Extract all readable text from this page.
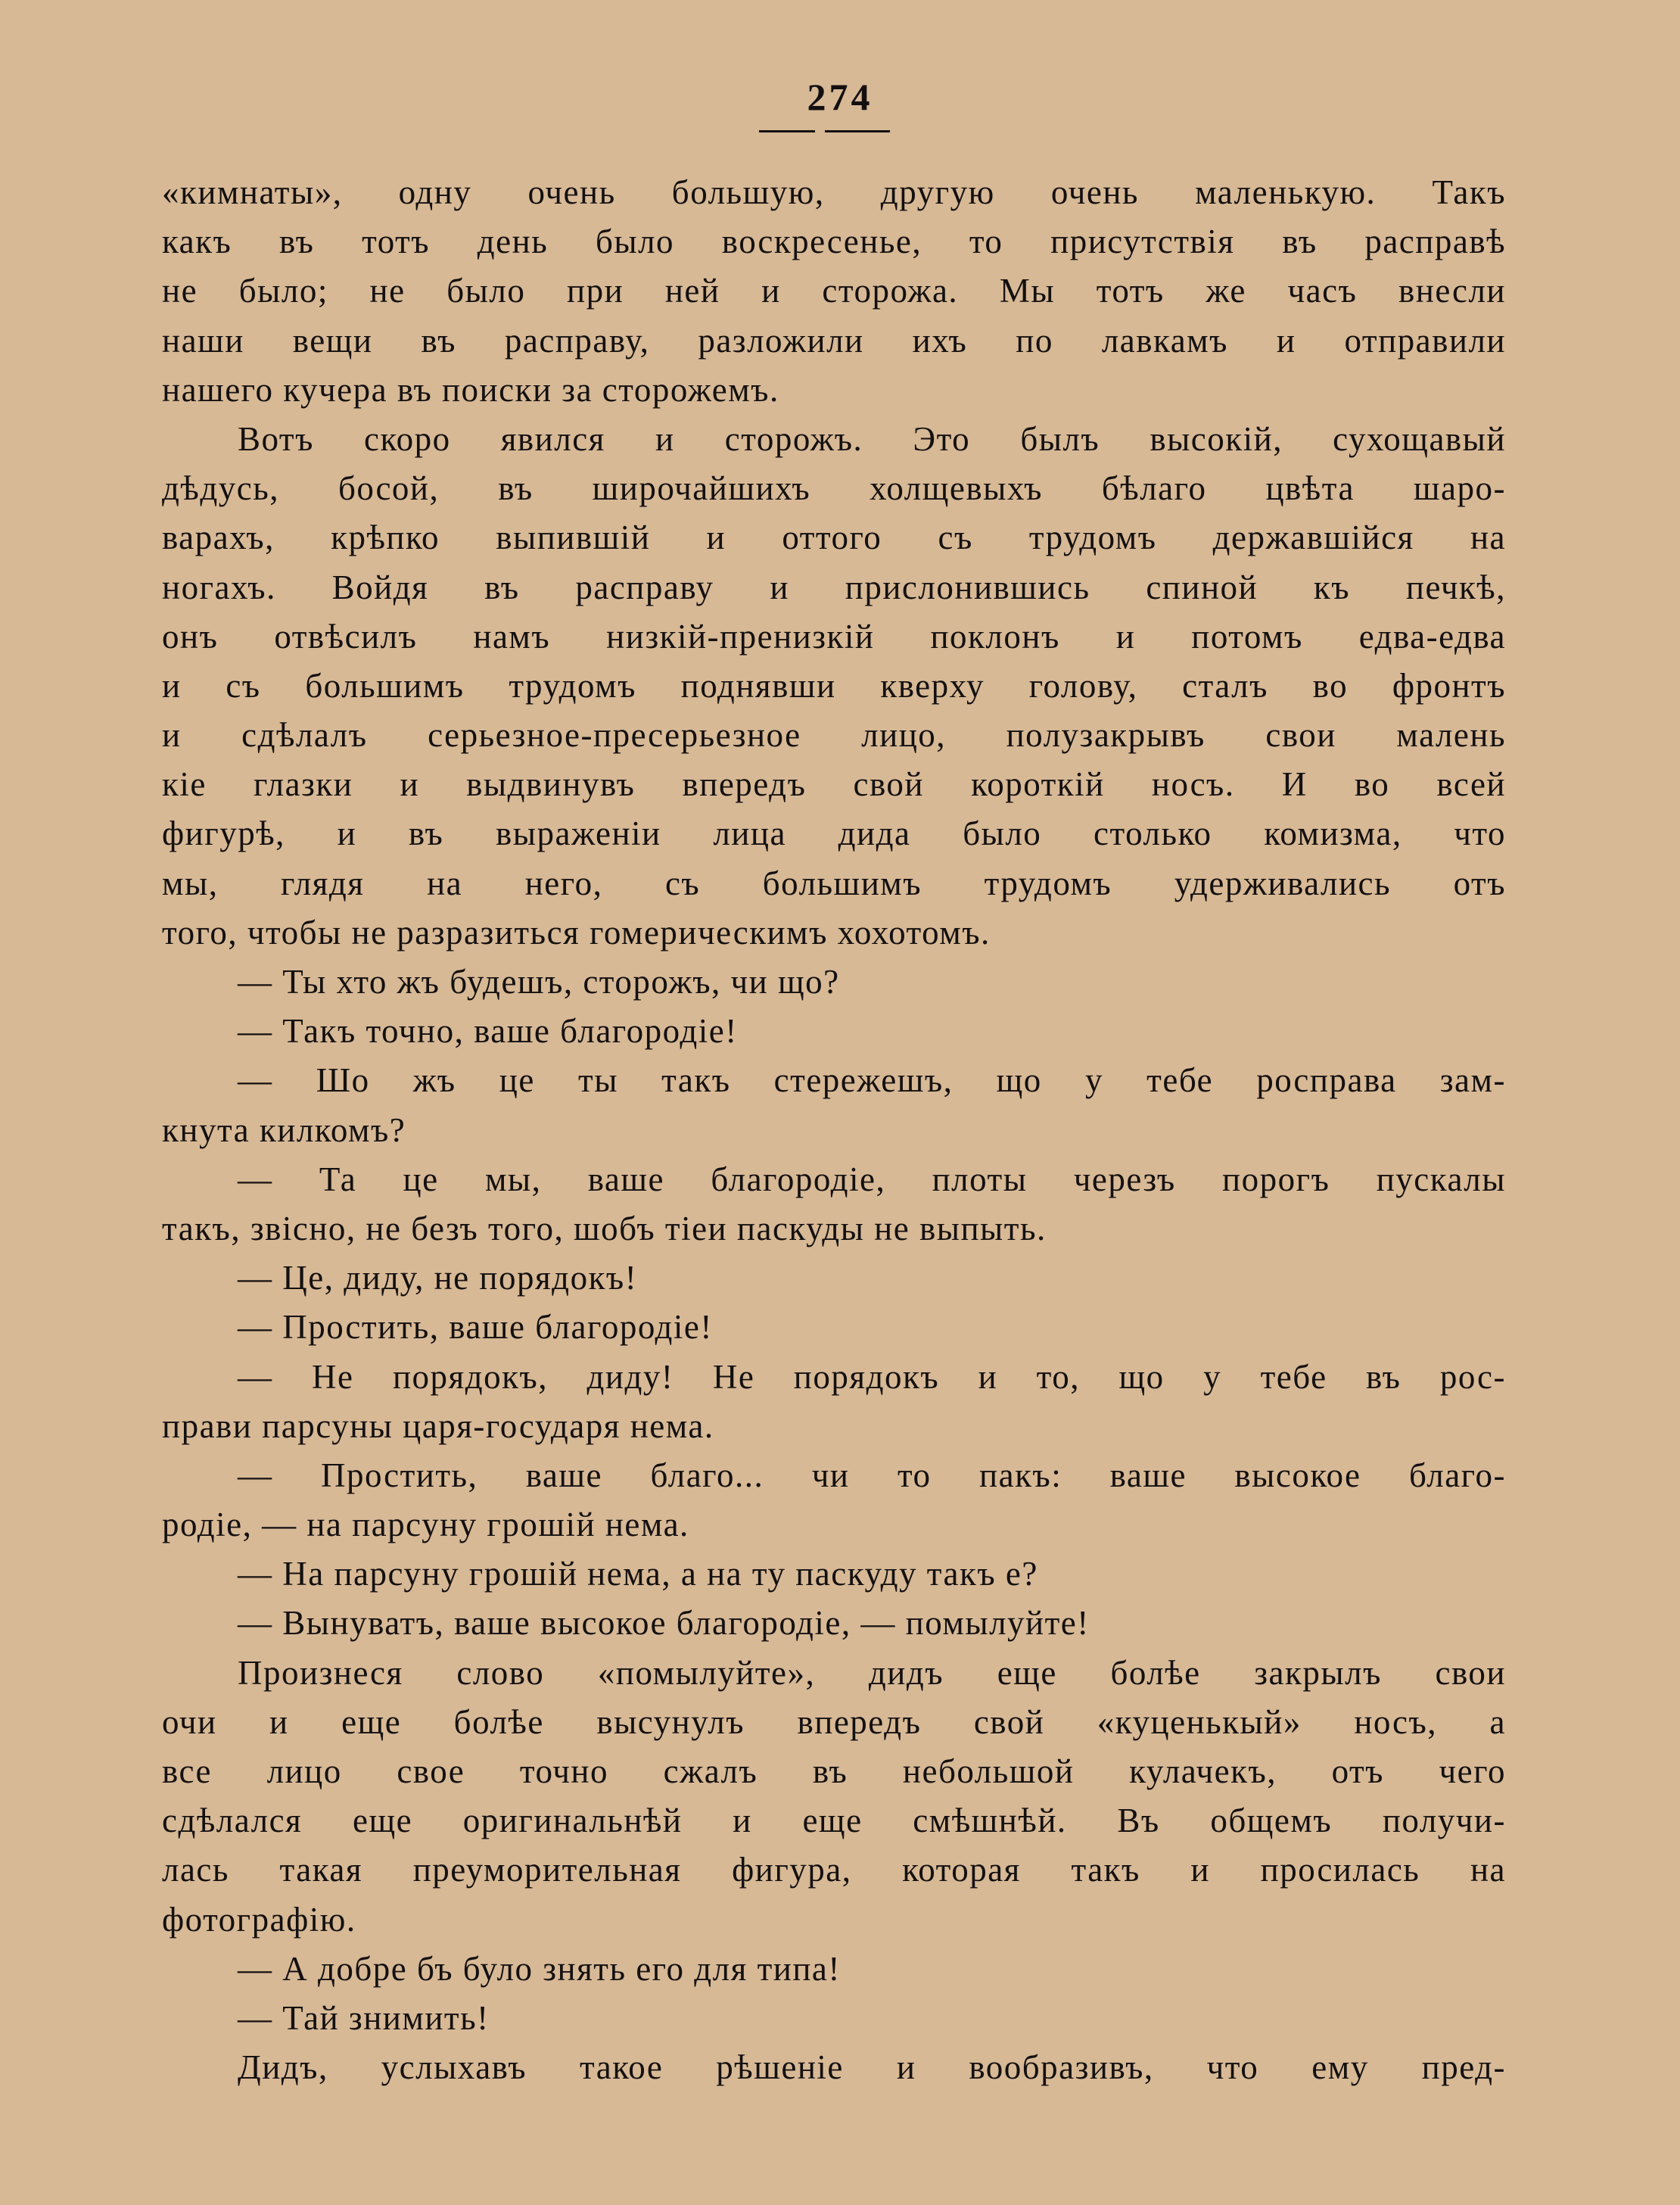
274
«кимнаты», одну очень большую, другую очень маленькую. Такъ
какъ въ тотъ день было воскресенье, то присутствія въ расправѣ
не было; не было при ней и сторожа. Мы тотъ же часъ внесли
наши вещи въ расправу, разложили ихъ по лавкамъ и отправили
нашего кучера въ поиски за сторожемъ.
Вотъ скоро явился и сторожъ. Это былъ высокій, сухощавый
дѣдусь, босой, въ широчайшихъ холщевыхъ бѣлаго цвѣта шаро-
варахъ, крѣпко выпившій и оттого съ трудомъ державшійся на
ногахъ. Войдя въ расправу и прислонившись спиной къ печкѣ,
онъ отвѣсилъ намъ низкій-пренизкій поклонъ и потомъ едва-едва
и съ большимъ трудомъ поднявши кверху голову, сталъ во фронтъ
и сдѣлалъ серьезное-пресерьезное лицо, полузакрывъ свои малень
кіе глазки и выдвинувъ впередъ свой короткій носъ. И во всей
фигурѣ, и въ выраженіи лица дида было столько комизма, что
мы, глядя на него, съ большимъ трудомъ удерживались отъ
того, чтобы не разразиться гомерическимъ хохотомъ.
— Ты хто жъ будешъ, сторожъ, чи що?
— Такъ точно, ваше благородіе!
— Шо жъ це ты такъ стережешъ, що у тебе росправа зам-
кнута килкомъ?
— Та це мы, ваше благородіе, плоты черезъ порогъ пускалы
такъ, звісно, не безъ того, шобъ тіеи паскуды не выпыть.
— Це, диду, не порядокъ!
— Простить, ваше благородіе!
— Не порядокъ, диду! Не порядокъ и то, що у тебе въ рос-
прави парсуны царя-государя нема.
— Простить, ваше благо... чи то пакъ: ваше высокое благо-
родіе, — на парсуну грошій нема.
— На парсуну грошій нема, а на ту паскуду такъ е?
— Вынуватъ, ваше высокое благородіе, — помылуйте!
Произнеся слово «помылуйте», дидъ еще болѣе закрылъ свои
очи и еще болѣе высунулъ впередъ свой «куценькый» носъ, а
все лицо свое точно сжалъ въ небольшой кулачекъ, отъ чего
сдѣлался еще оригинальнѣй и еще смѣшнѣй. Въ общемъ получи-
лась такая преуморительная фигура, которая такъ и просилась на
фотографію.
— А добре бъ було знять его для типа!
— Тай знимить!
Дидъ, услыхавъ такое рѣшеніе и вообразивъ, что ему пред-
